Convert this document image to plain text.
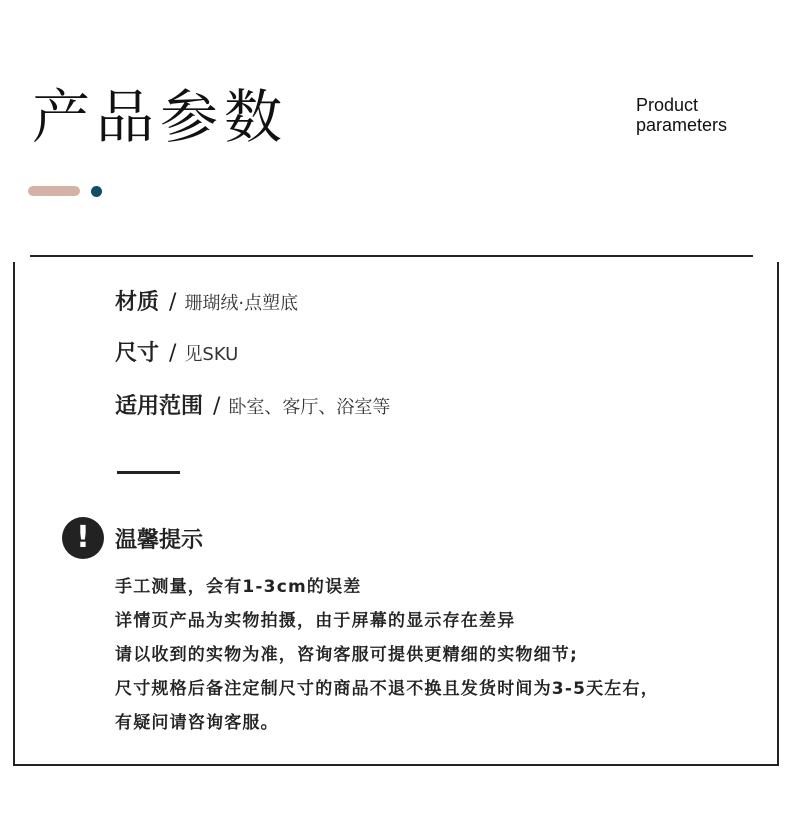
产品参数	Product
parameters
材质 / 珊瑚绒·点塑底
尺寸 / 见SKU
适用范围 / 卧室、客厅、浴室等
!	温馨提示
手工测量，会有1-3cm的误差
详情页产品为实物拍摄，由于屏幕的显示存在差异
请以收到的实物为准，咨询客服可提供更精细的实物细节;
尺寸规格后备注定制尺寸的商品不退不换且发货时间为3-5天左右，
有疑问请咨询客服。
